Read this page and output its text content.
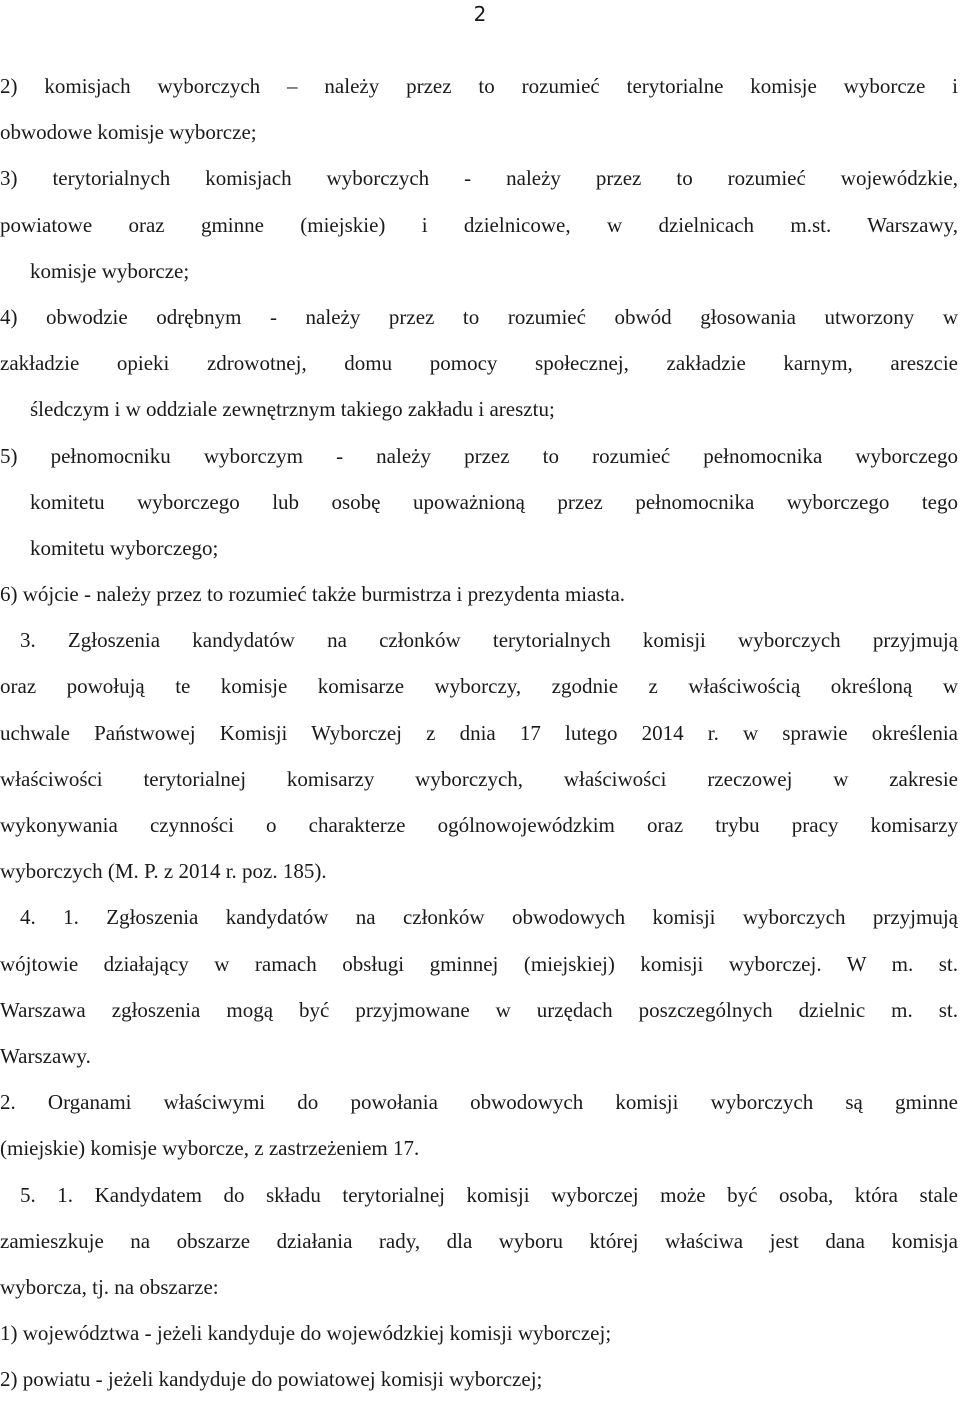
2
2) komisjach wyborczych – należy przez to rozumieć terytorialne komisje wyborcze i
obwodowe komisje wyborcze;
3) terytorialnych komisjach wyborczych - należy przez to rozumieć wojewódzkie,
powiatowe oraz gminne (miejskie) i dzielnicowe, w dzielnicach m.st. Warszawy,
komisje wyborcze;
4) obwodzie odrębnym - należy przez to rozumieć obwód głosowania utworzony w
zakładzie opieki zdrowotnej, domu pomocy społecznej, zakładzie karnym, areszcie
śledczym i w oddziale zewnętrznym takiego zakładu i aresztu;
5) pełnomocniku wyborczym - należy przez to rozumieć pełnomocnika wyborczego
komitetu wyborczego lub osobę upoważnioną przez pełnomocnika wyborczego tego
komitetu wyborczego;
6) wójcie - należy przez to rozumieć także burmistrza i prezydenta miasta.
3. Zgłoszenia kandydatów na członków terytorialnych komisji wyborczych przyjmują
oraz powołują te komisje komisarze wyborczy, zgodnie z właściwością określoną w
uchwale Państwowej Komisji Wyborczej z dnia 17 lutego 2014 r. w sprawie określenia
właściwości terytorialnej komisarzy wyborczych, właściwości rzeczowej w zakresie
wykonywania czynności o charakterze ogólnowojewódzkim oraz trybu pracy komisarzy
wyborczych (M. P. z 2014 r. poz. 185).
4. 1. Zgłoszenia kandydatów na członków obwodowych komisji wyborczych przyjmują
wójtowie działający w ramach obsługi gminnej (miejskiej) komisji wyborczej. W m. st.
Warszawa zgłoszenia mogą być przyjmowane w urzędach poszczególnych dzielnic m. st.
Warszawy.
2. Organami właściwymi do powołania obwodowych komisji wyborczych są gminne
(miejskie) komisje wyborcze, z zastrzeżeniem 17.
5. 1. Kandydatem do składu terytorialnej komisji wyborczej może być osoba, która stale
zamieszkuje na obszarze działania rady, dla wyboru której właściwa jest dana komisja
wyborcza, tj. na obszarze:
1) województwa - jeżeli kandyduje do wojewódzkiej komisji wyborczej;
2) powiatu - jeżeli kandyduje do powiatowej komisji wyborczej;
